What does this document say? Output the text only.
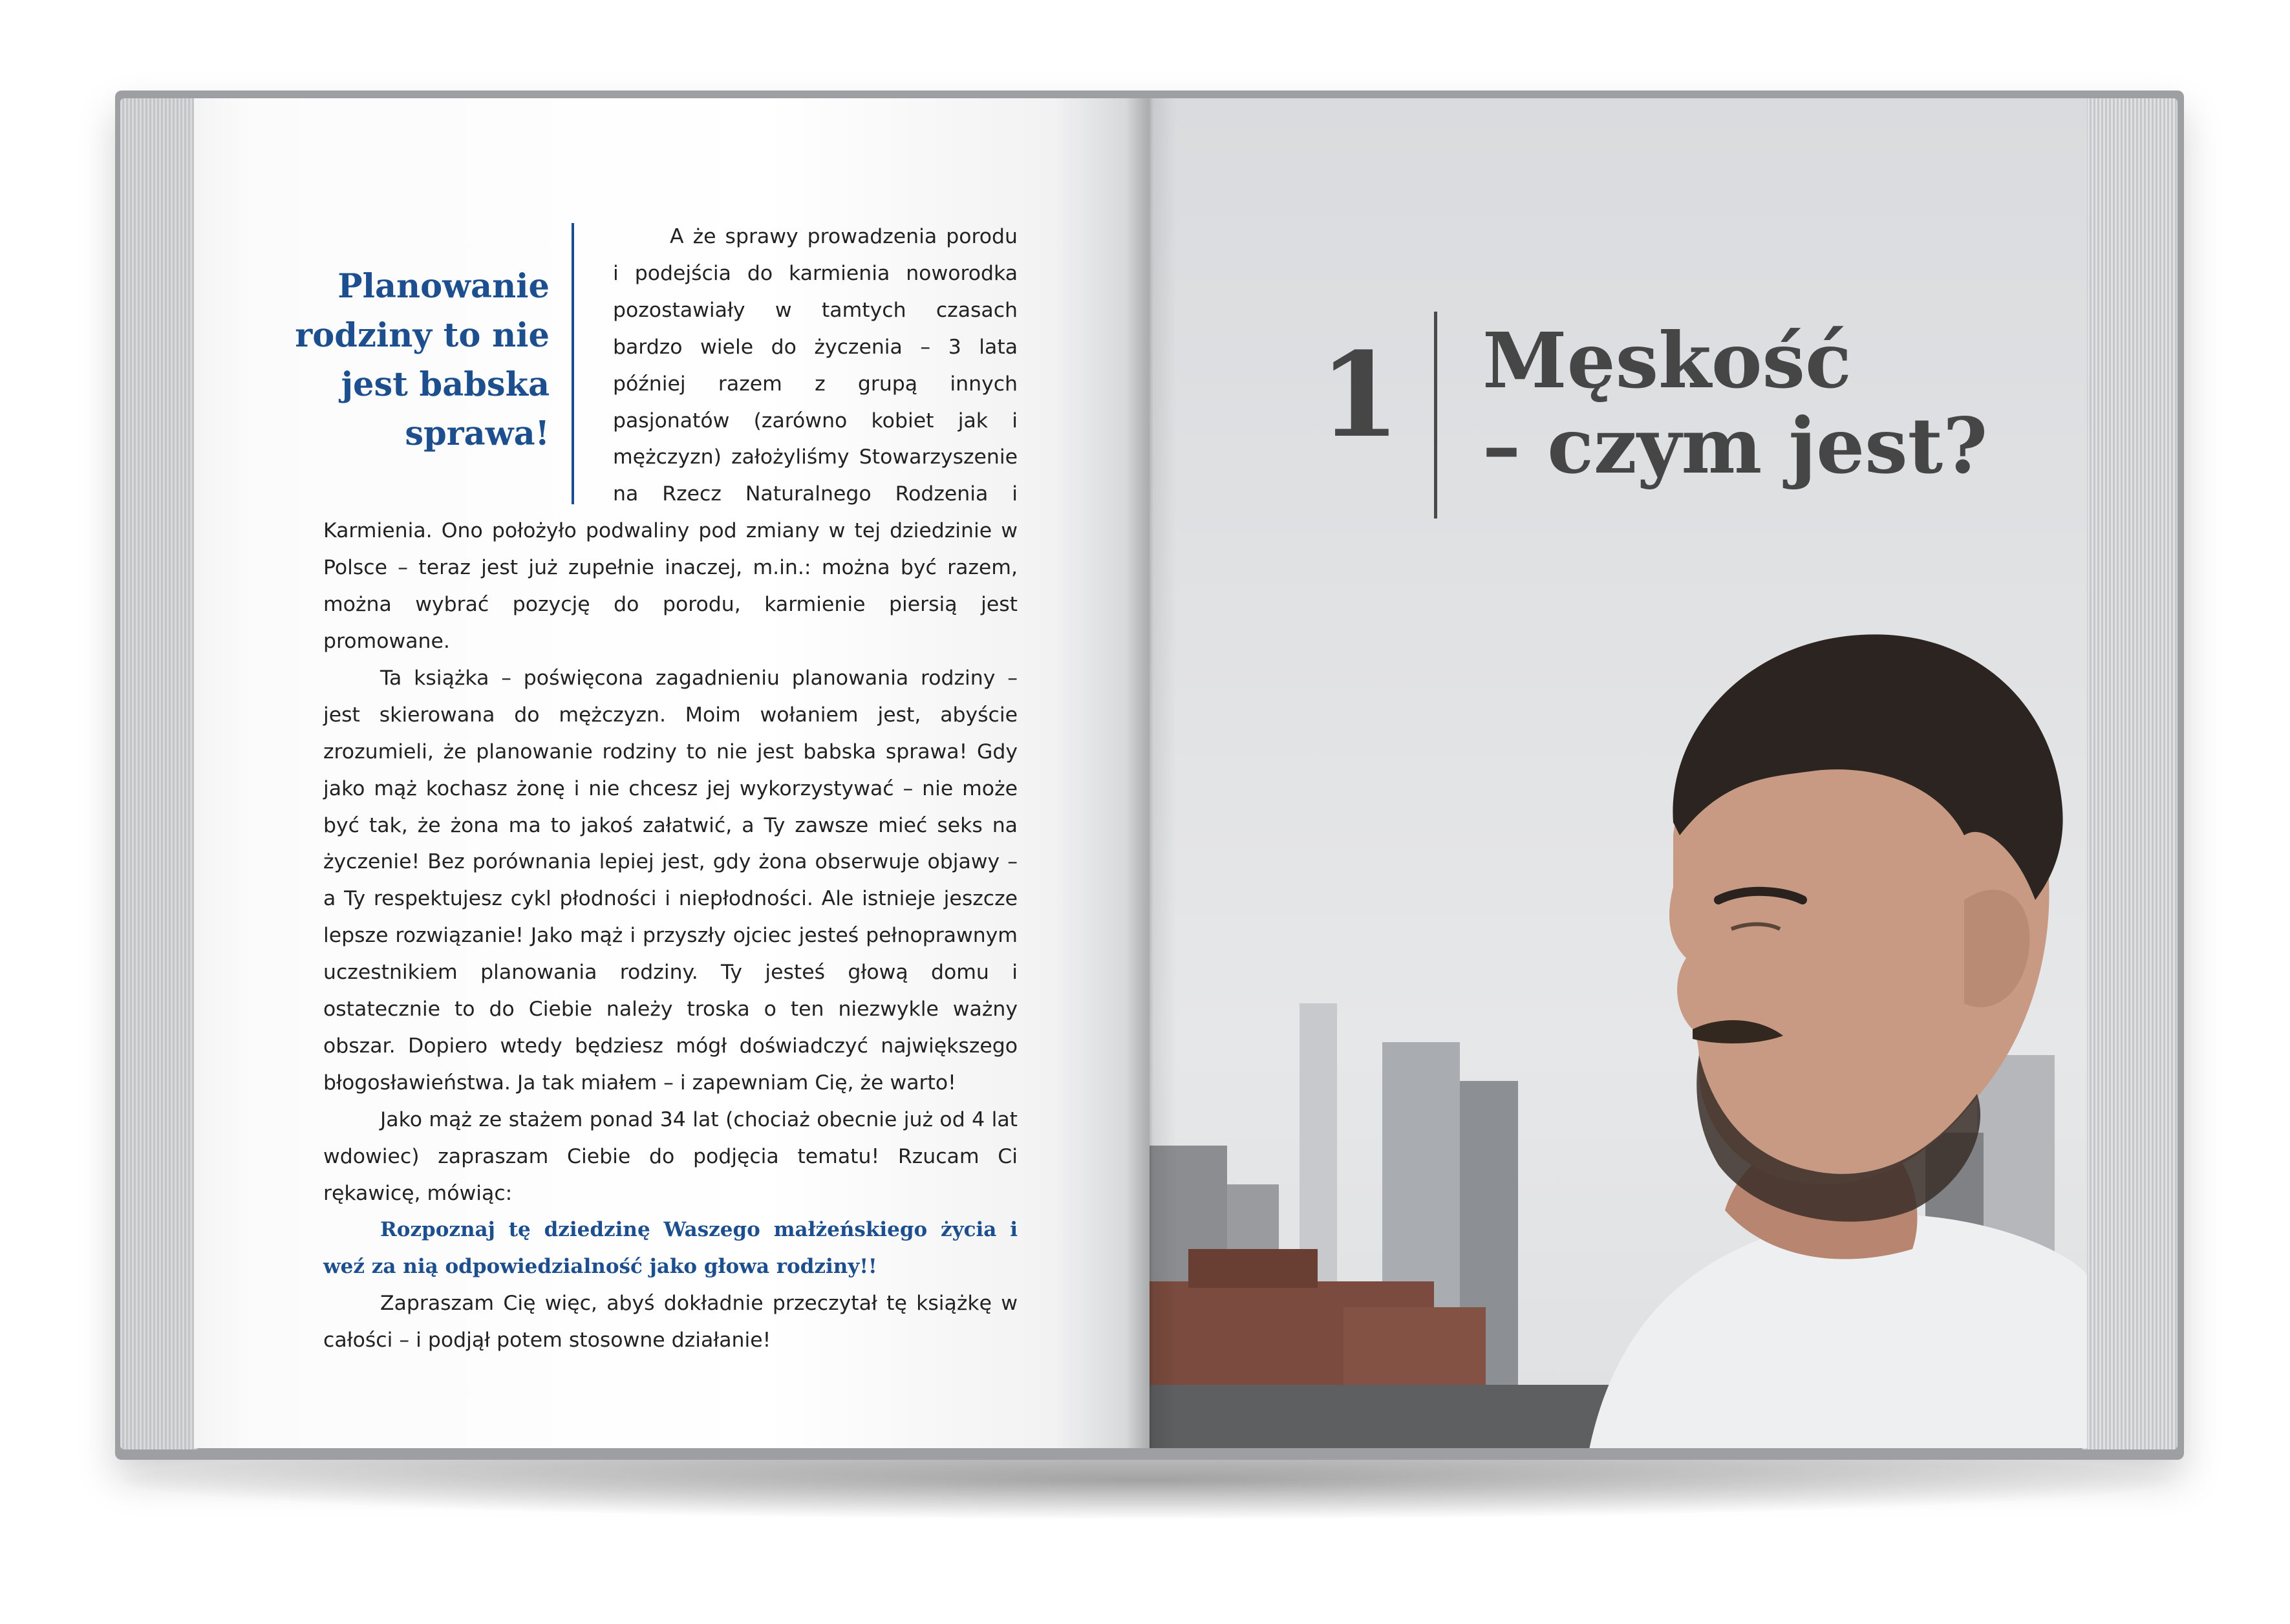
Planowanie
rodziny to nie
jest babska
sprawa!

A że sprawy prowadzenia porodu i podejścia do karmienia noworodka pozostawiały w tamtych czasach bardzo wiele do życzenia – 3 lata później razem z grupą innych pasjonatów (zarówno kobiet jak i mężczyzn) założyliśmy Stowarzyszenie na Rzecz Naturalnego Rodzenia i Karmienia. Ono położyło podwaliny pod zmiany w tej dziedzinie w Polsce – teraz jest już zupełnie inaczej, m.in.: można być razem, można wybrać pozycję do porodu, karmienie piersią jest promowane.

Ta książka – poświęcona zagadnieniu planowania rodziny – jest skierowana do mężczyzn. Moim wołaniem jest, abyście zrozumieli, że planowanie rodziny to nie jest babska sprawa! Gdy jako mąż kochasz żonę i nie chcesz jej wykorzystywać – nie może być tak, że żona ma to jakoś załatwić, a Ty zawsze mieć seks na życzenie! Bez porównania lepiej jest, gdy żona obserwuje objawy – a Ty respektujesz cykl płodności i niepłodności. Ale istnieje jeszcze lepsze rozwiązanie! Jako mąż i przyszły ojciec jesteś pełnoprawnym uczestnikiem planowania rodziny. Ty jesteś głową domu i ostatecznie to do Ciebie należy troska o ten niezwykle ważny obszar. Dopiero wtedy będziesz mógł doświadczyć największego błogosławieństwa. Ja tak miałem – i zapewniam Cię, że warto!

Jako mąż ze stażem ponad 34 lat (chociaż obecnie już od 4 lat wdowiec) zapraszam Ciebie do podjęcia tematu! Rzucam Ci rękawicę, mówiąc:

Rozpoznaj tę dziedzinę Waszego małżeńskiego życia i weź za nią odpowiedzialność jako głowa rodziny!!

Zapraszam Cię więc, abyś dokładnie przeczytał tę książkę w całości – i podjął potem stosowne działanie!

1 Męskość
– czym jest?
